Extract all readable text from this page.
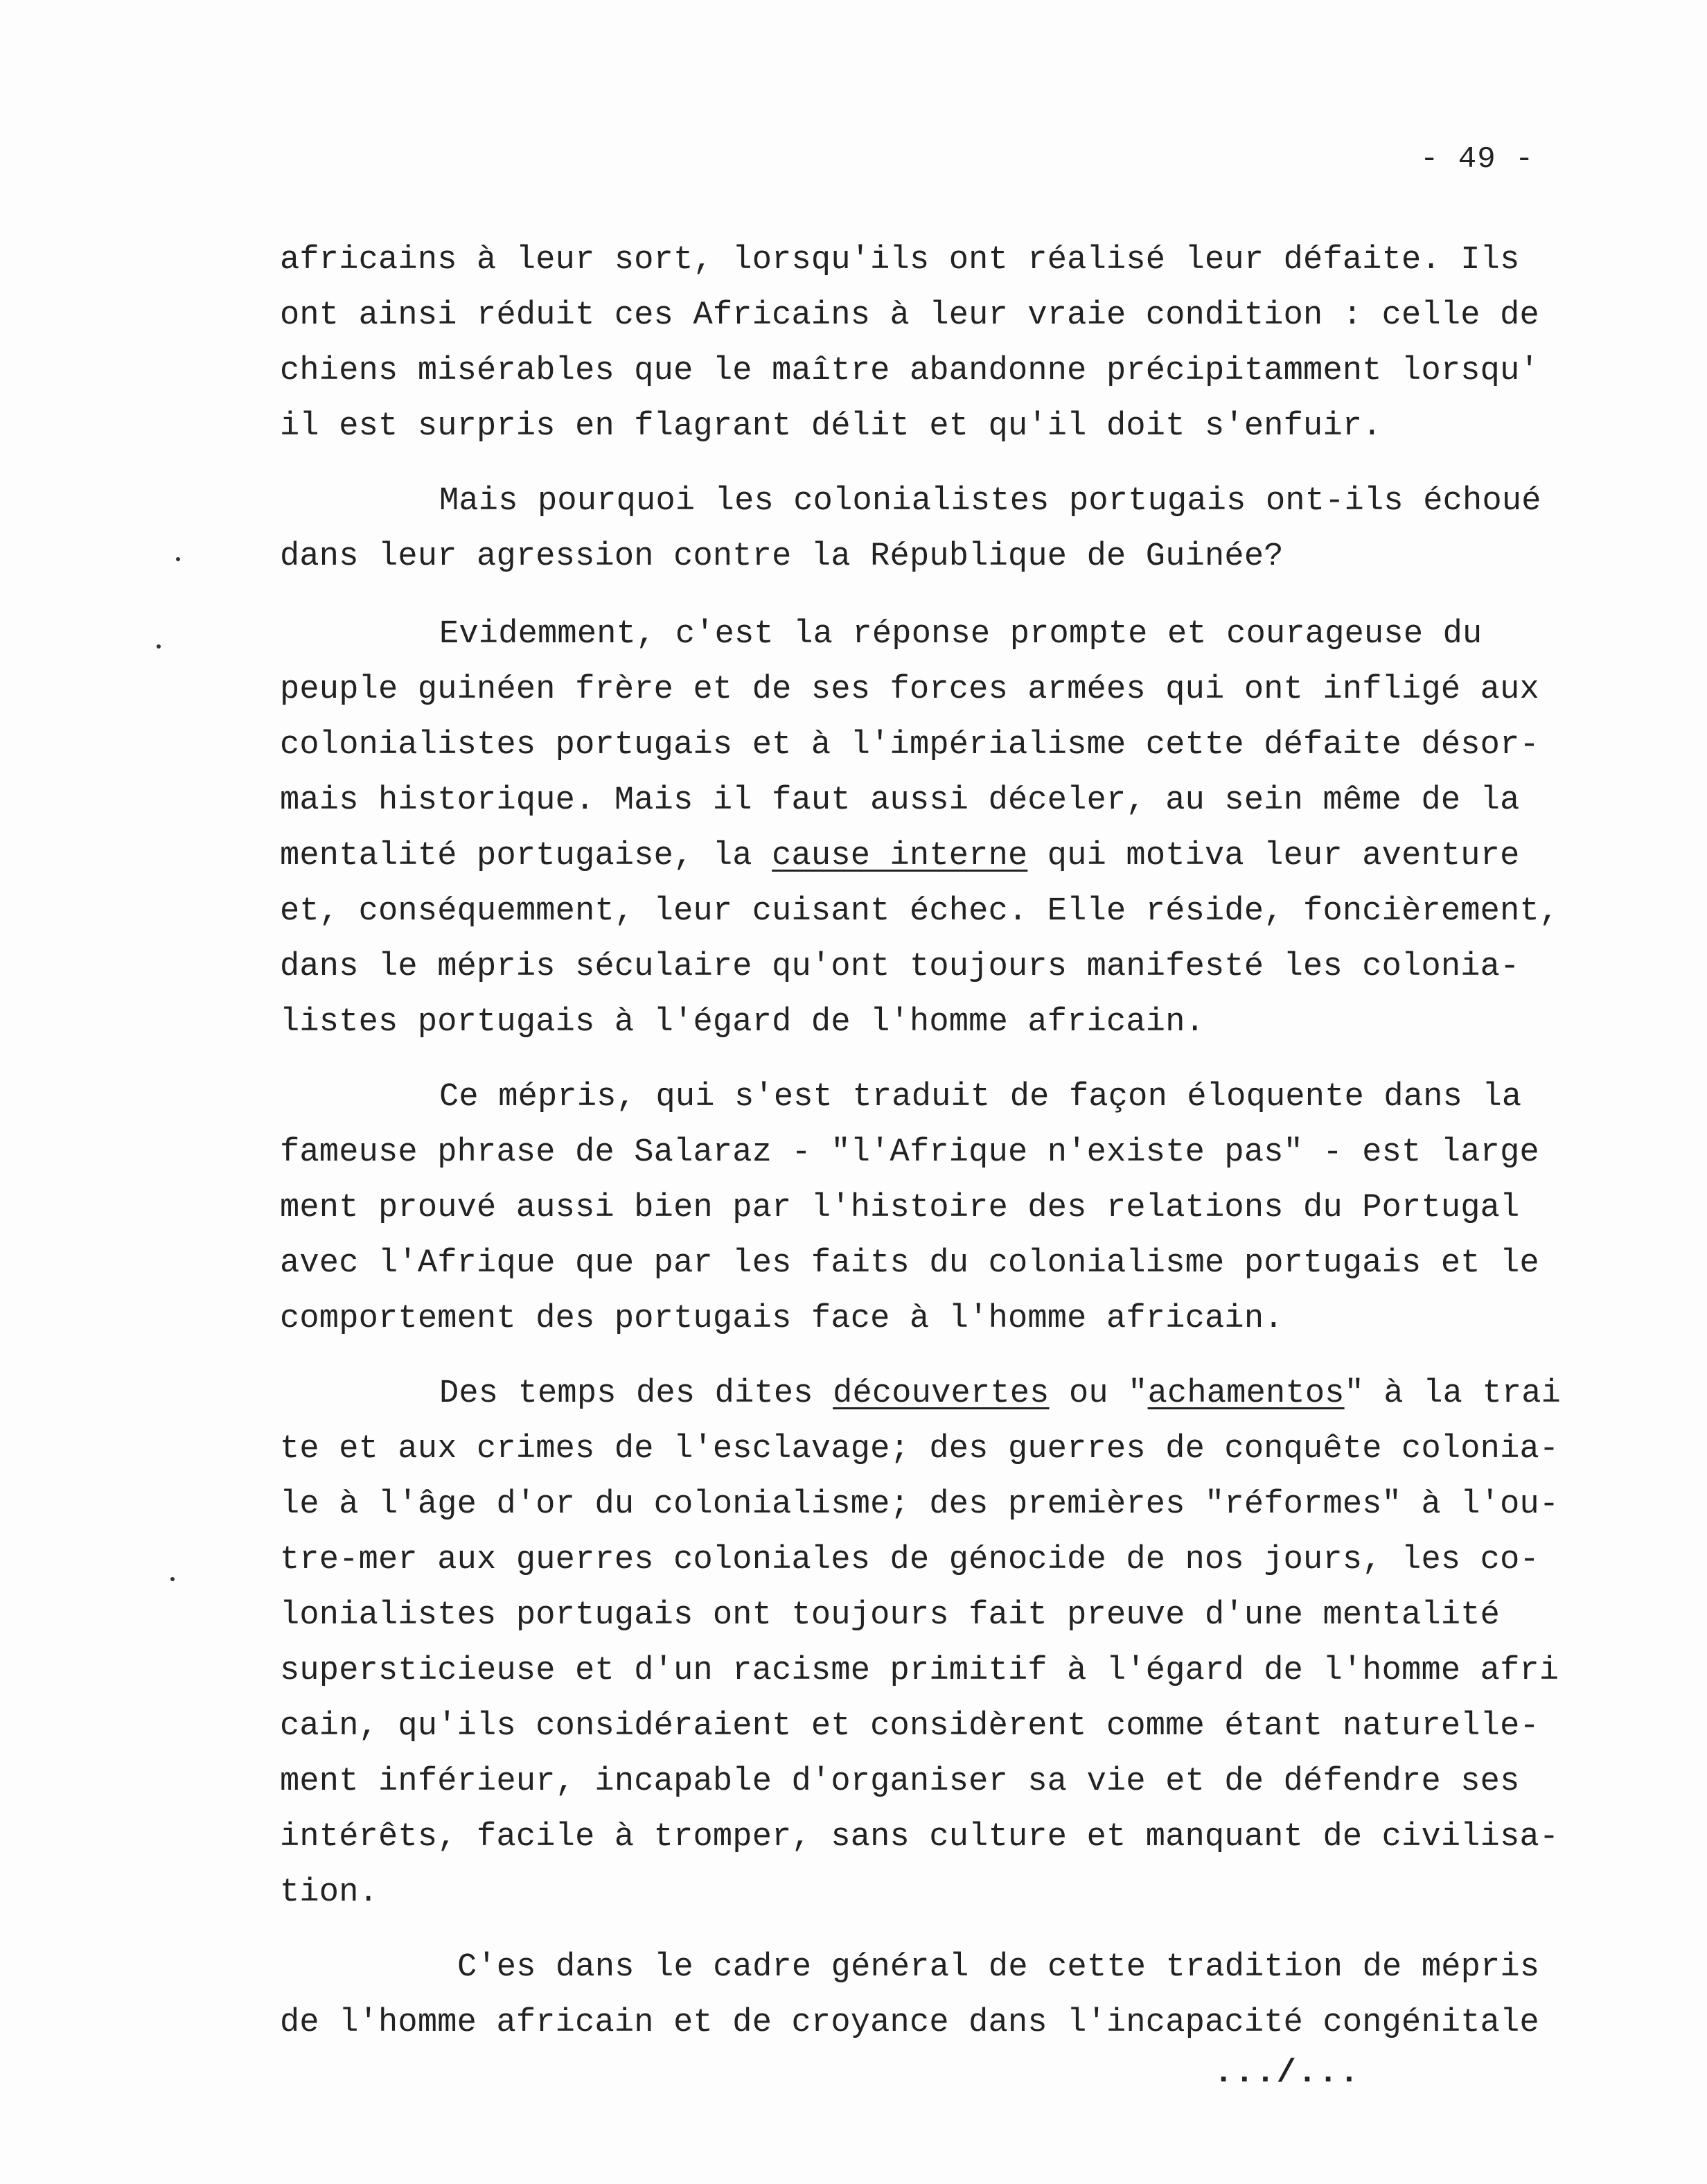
- 49 -
africains à leur sort, lorsqu'ils ont réalisé leur défaite. Ils
ont ainsi réduit ces Africains à leur vraie condition : celle de
chiens misérables que le maître abandonne précipitamment lorsqu'
il est surpris en flagrant délit et qu'il doit s'enfuir.
Mais pourquoi les colonialistes portugais ont-ils échoué
dans leur agression contre la République de Guinée?
Evidemment, c'est la réponse prompte et courageuse du
peuple guinéen frère et de ses forces armées qui ont infligé aux
colonialistes portugais et à l'impérialisme cette défaite désor-
mais historique. Mais il faut aussi déceler, au sein même de la
mentalité portugaise, la cause interne qui motiva leur aventure
et, conséquemment, leur cuisant échec. Elle réside, foncièrement,
dans le mépris séculaire qu'ont toujours manifesté les colonia-
listes portugais à l'égard de l'homme africain.
Ce mépris, qui s'est traduit de façon éloquente dans la
fameuse phrase de Salaraz - "l'Afrique n'existe pas" - est large
ment prouvé aussi bien par l'histoire des relations du Portugal
avec l'Afrique que par les faits du colonialisme portugais et le
comportement des portugais face à l'homme africain.
Des temps des dites découvertes ou "achamentos" à la trai
te et aux crimes de l'esclavage; des guerres de conquête colonia-
le à l'âge d'or du colonialisme; des premières "réformes" à l'ou-
tre-mer aux guerres coloniales de génocide de nos jours, les co-
lonialistes portugais ont toujours fait preuve d'une mentalité
supersticieuse et d'un racisme primitif à l'égard de l'homme afri
cain, qu'ils considéraient et considèrent comme étant naturelle-
ment inférieur, incapable d'organiser sa vie et de défendre ses
intérêts, facile à tromper, sans culture et manquant de civilisa-
tion.
C'es dans le cadre général de cette tradition de mépris
de l'homme africain et de croyance dans l'incapacité congénitale
.../...
